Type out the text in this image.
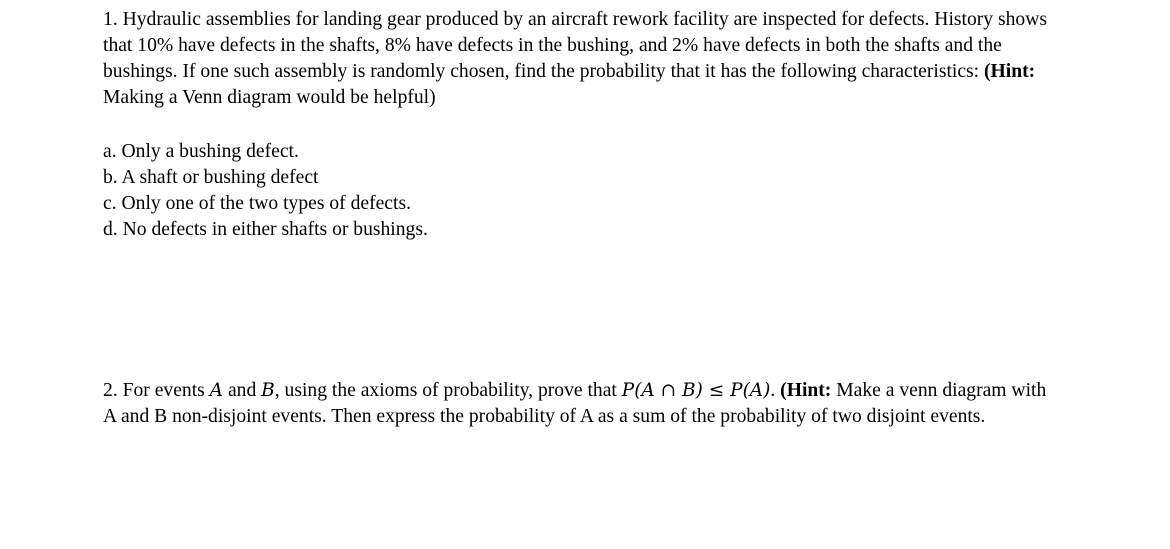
1. Hydraulic assemblies for landing gear produced by an aircraft rework facility are inspected for defects. History shows that 10% have defects in the shafts, 8% have defects in the bushing, and 2% have defects in both the shafts and the bushings. If one such assembly is randomly chosen, find the probability that it has the following characteristics: (Hint: Making a Venn diagram would be helpful)

a. Only a bushing defect.
b. A shaft or bushing defect
c. Only one of the two types of defects.
d. No defects in either shafts or bushings.

2. For events A and B, using the axioms of probability, prove that P(A ∩ B) ≤ P(A). (Hint: Make a venn diagram with A and B non-disjoint events. Then express the probability of A as a sum of the probability of two disjoint events.
